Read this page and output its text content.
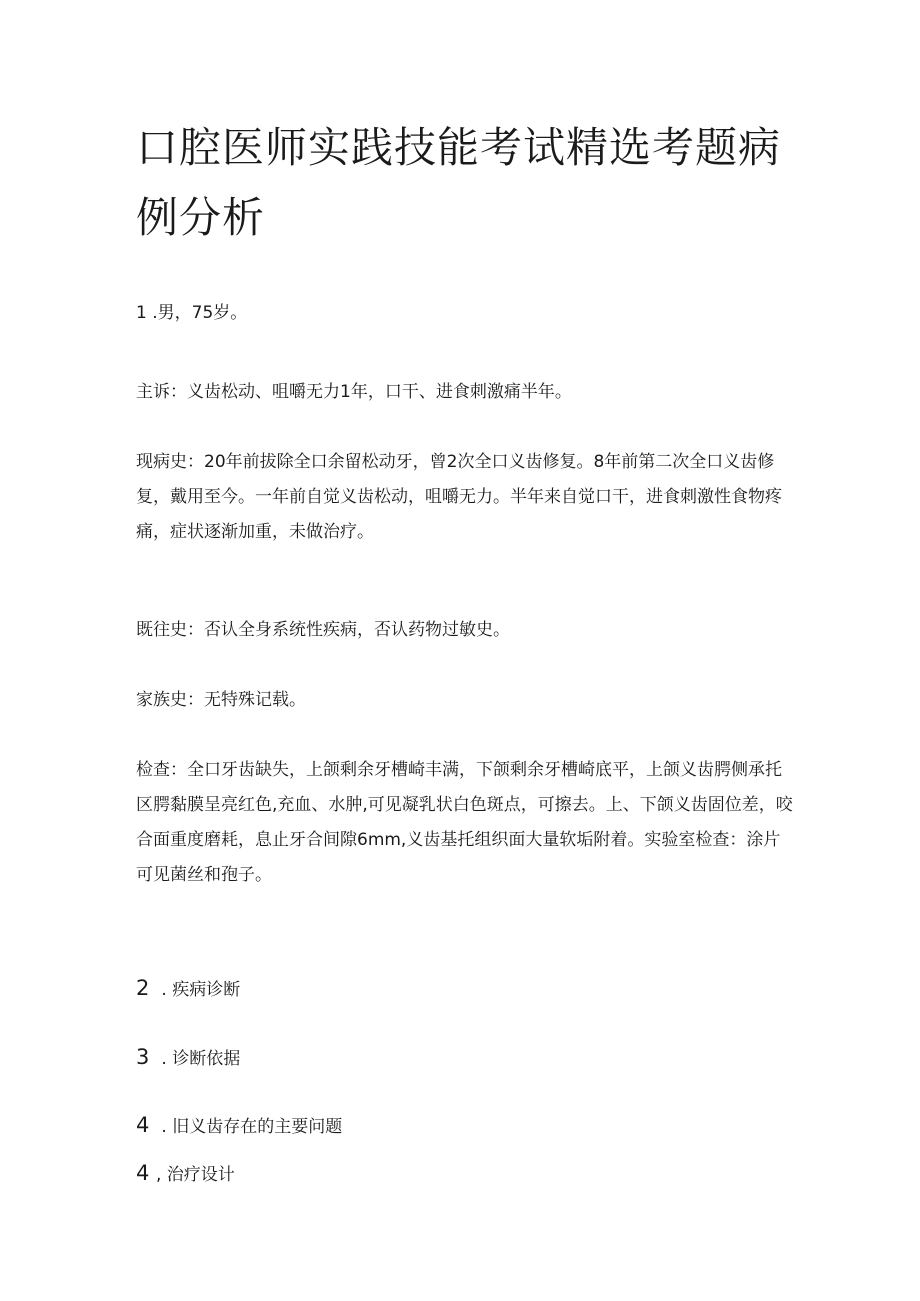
口腔医师实践技能考试精选考题病例分析

1 .男，75岁。

主诉：义齿松动、咀嚼无力1年，口干、进食刺激痛半年。

现病史：20年前拔除全口余留松动牙，曾2次全口义齿修复。8年前第二次全口义齿修复，戴用至今。一年前自觉义齿松动，咀嚼无力。半年来自觉口干，进食刺激性食物疼痛，症状逐渐加重，未做治疗。

既往史：否认全身系统性疾病，否认药物过敏史。

家族史：无特殊记载。

检查：全口牙齿缺失，上颌剩余牙槽崎丰满，下颌剩余牙槽崎底平，上颌义齿腭侧承托区腭黏膜呈亮红色,充血、水肿,可见凝乳状白色斑点，可擦去。上、下颌义齿固位差，咬合面重度磨耗，息止牙合间隙6mm,义齿基托组织面大量软垢附着。实验室检查：涂片可见菌丝和孢子。

2 . 疾病诊断
3 . 诊断依据
4 . 旧义齿存在的主要问题
4 , 治疗设计
